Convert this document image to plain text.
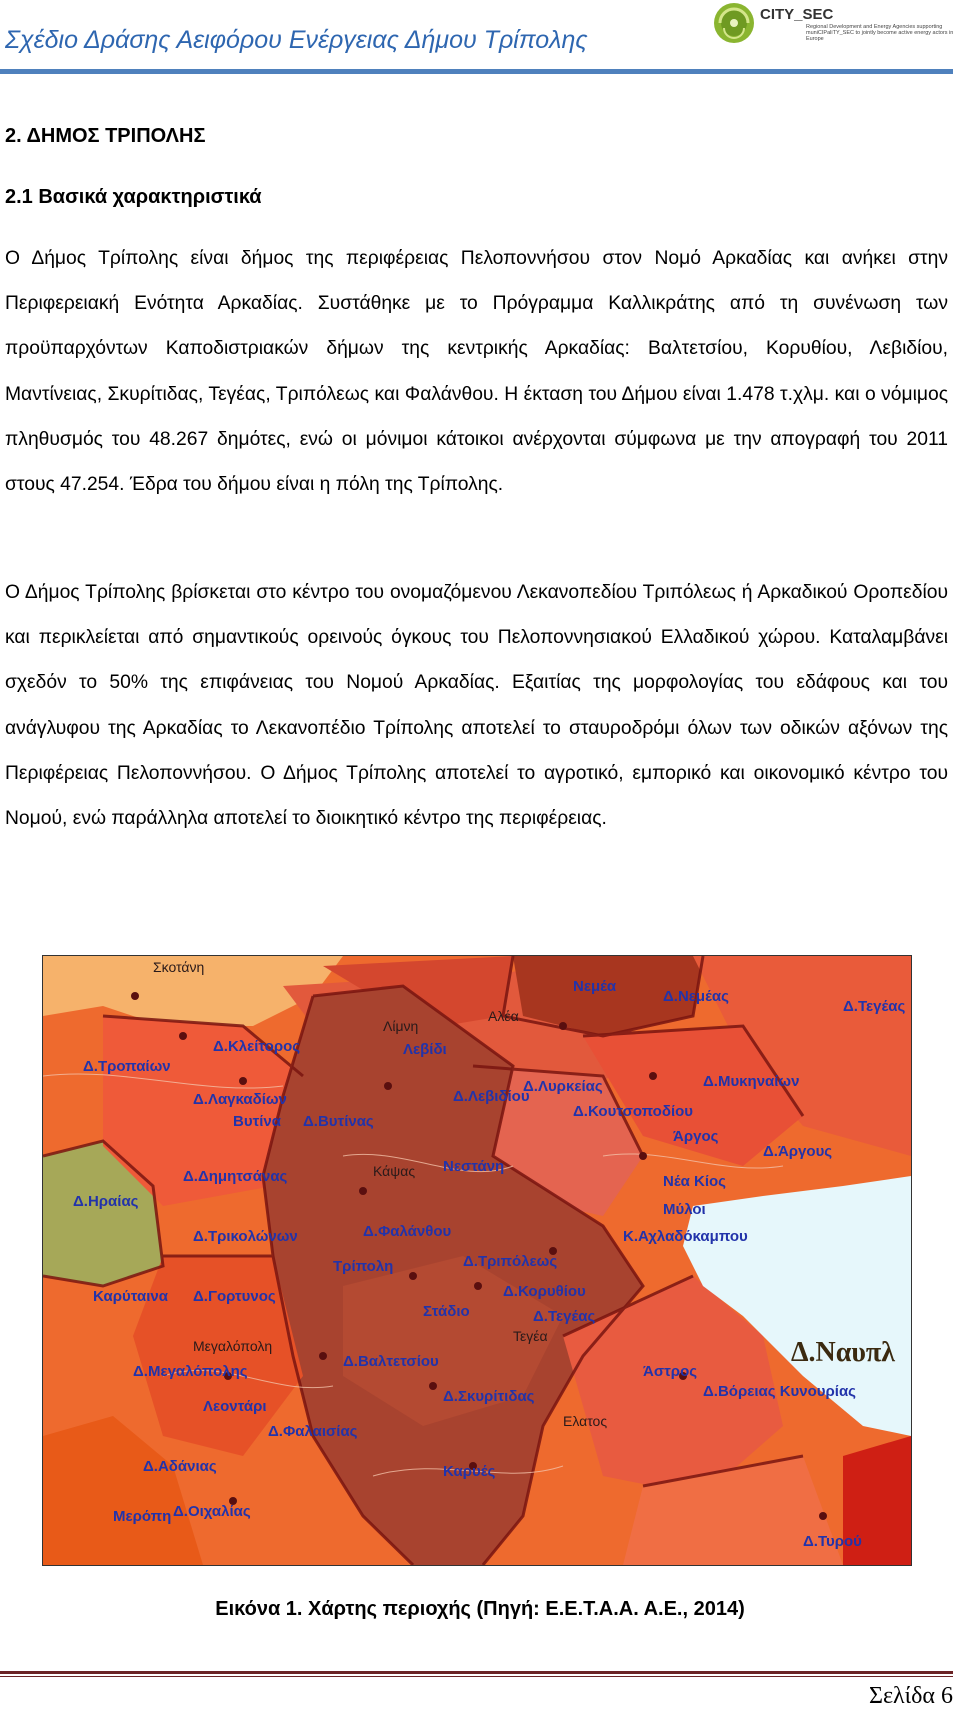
Σχέδιο Δράσης Αειφόρου Ενέργειας Δήμου Τρίπολης
CITY_SEC
Regional Development and Energy Agencies supporting muniCIPaliTY_SEC to jointly become active energy actors in Europe
2. ΔΗΜΟΣ ΤΡΙΠΟΛΗΣ
2.1 Βασικά χαρακτηριστικά

Ο Δήμος Τρίπολης είναι δήμος της περιφέρειας Πελοποννήσου στον Νομό Αρκαδίας και ανήκει στην Περιφερειακή Ενότητα Αρκαδίας. Συστάθηκε με το Πρόγραμμα Καλλικράτης από τη συνένωση των προϋπαρχόντων Καποδιστριακών δήμων της κεντρικής Αρκαδίας: Βαλτετσίου, Κορυθίου, Λεβιδίου, Μαντίνειας, Σκυρίτιδας, Τεγέας, Τριπόλεως και Φαλάνθου. Η έκταση του Δήμου είναι 1.478 τ.χλμ. και ο νόμιμος πληθυσμός του 48.267 δημότες, ενώ οι μόνιμοι κάτοικοι ανέρχονται σύμφωνα με την απογραφή του 2011 στους 47.254. Έδρα του δήμου είναι η πόλη της Τρίπολης.

Ο Δήμος Τρίπολης βρίσκεται στο κέντρο του ονομαζόμενου Λεκανοπεδίου Τριπόλεως ή Αρκαδικού Οροπεδίου και περικλείεται από σημαντικούς ορεινούς όγκους του Πελοποννησιακού Ελλαδικού χώρου. Καταλαμβάνει σχεδόν το 50% της επιφάνειας του Νομού Αρκαδίας. Εξαιτίας της μορφολογίας του εδάφους και του ανάγλυφου της Αρκαδίας το Λεκανοπέδιο Τρίπολης αποτελεί το σταυροδρόμι όλων των οδικών αξόνων της Περιφέρειας Πελοποννήσου. Ο Δήμος Τρίπολης αποτελεί το αγροτικό, εμπορικό και οικονομικό κέντρο του Νομού, ενώ παράλληλα αποτελεί το διοικητικό κέντρο της περιφέρειας.

Σκοτάνη
Δ.Τροπαίων
Δ.Κλείτορος
Δ.Λαγκαδίων
Βυτίνα Δ.Βυτίνας
Λεβίδι
Δ.Λεβιδίου
Κάψας Νεστάνη
Δ.Φαλάνθου
Τρίπολη	Δ.Τριπόλεως
Δ.Κορυθίου
Στάδιο	Δ.Τεγέας
Δ.Βαλτετσίου
Δ.Σκυρίτιδας
Δ.Φαλαισίας
Δ.Μεγαλόπολης
Μεγαλόπολη
Καρυές
Δ.Γορτυνος
Δ.Τρικολώνων
Δ.Δημητσάνας
Άστρος
Δ.Βόρειας Κυνουρίας
Δ.Ναυπλ
Δ.Άργους
Άργος
Δ.Μυκηναίων
Δ.Λυρκείας
Νεμέα
Δ.Νεμέας
Δ.Τεγέας
Λίμνη
Ελατος
Τεγέα
Δ.Τυρού
Νέα Κίος
Μύλοι
Κ.Αχλαδόκαμπου
Δ.Κουτσοποδίου
Αλέα
Δ.Ηραίας
Καρύταινα
Λεοντάρι
Δ.Αδάνιας
Δ.Οιχαλίας
Μερόπη
Εικόνα 1. Χάρτης περιοχής (Πηγή: Ε.Ε.Τ.Α.Α. Α.Ε., 2014)
Σελίδα 6
